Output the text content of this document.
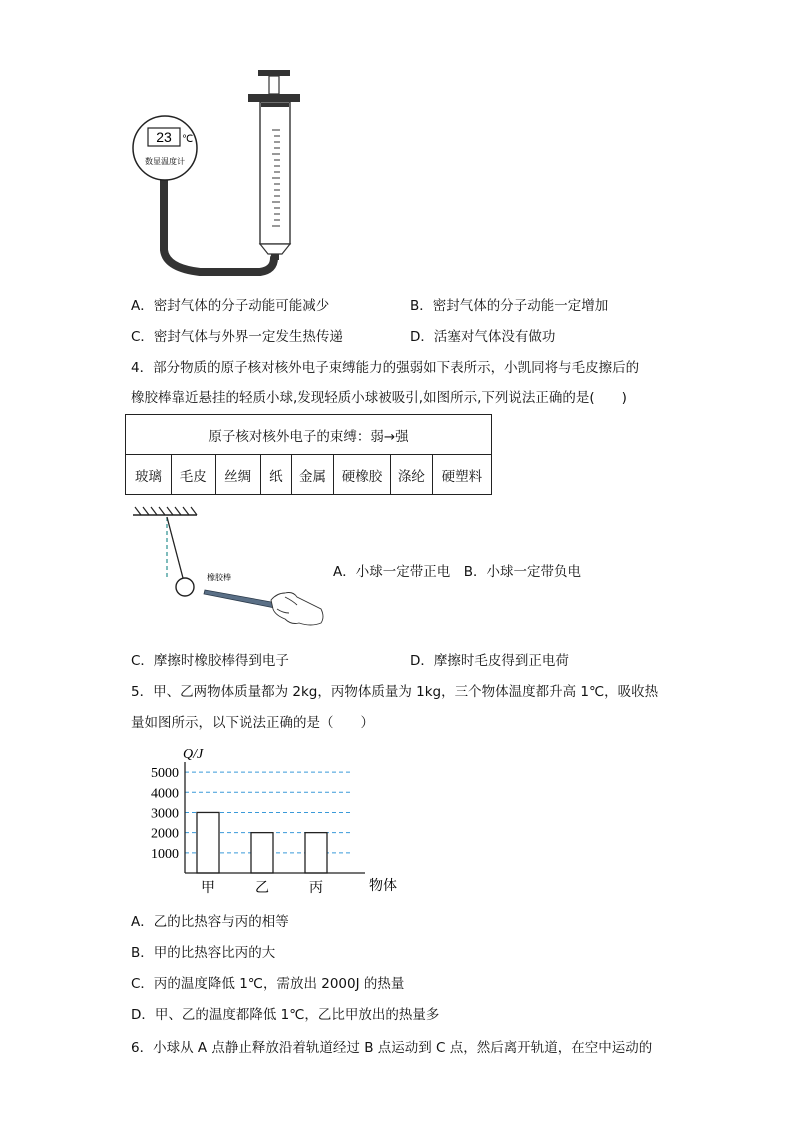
23 ℃
数显温度计
A．密封气体的分子动能可能减少	B．密封气体的分子动能一定增加
C．密封气体与外界一定发生热传递	D．活塞对气体没有做功
4．部分物质的原子核对核外电子束缚能力的强弱如下表所示，小凯同将与毛皮擦后的
橡胶棒靠近悬挂的轻质小球,发现轻质小球被吸引,如图所示,下列说法正确的是(　　)
原子核对核外电子的束缚：弱→强
玻璃	毛皮	丝绸	纸	金属	硬橡胶	涤纶	硬塑料
橡胶棒	A．小球一定带正电　B．小球一定带负电
C．摩擦时橡胶棒得到电子	D．摩擦时毛皮得到正电荷
5．甲、乙两物体质量都为 2kg，丙物体质量为 1kg，三个物体温度都升高 1℃，吸收热
量如图所示，以下说法正确的是（　　）
Q/J
物体
1000
2000
3000
4000
5000
甲	乙	丙
A．乙的比热容与丙的相等
B．甲的比热容比丙的大
C．丙的温度降低 1℃，需放出 2000J 的热量
D．甲、乙的温度都降低 1℃，乙比甲放出的热量多
6．小球从 A 点静止释放沿着轨道经过 B 点运动到 C 点，然后离开轨道，在空中运动的
